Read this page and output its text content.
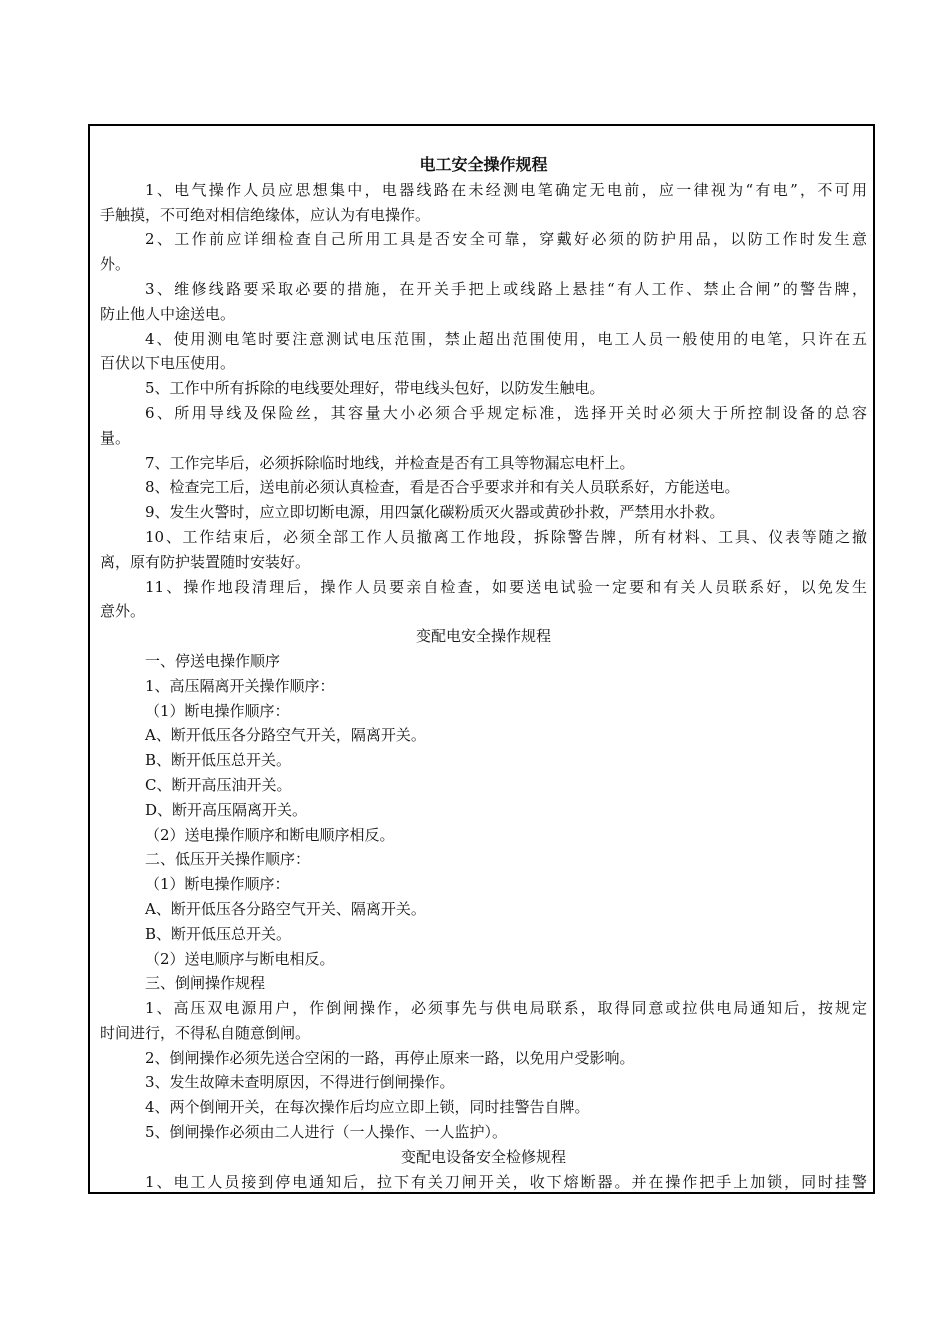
电工安全操作规程
1、电气操作人员应思想集中，电器线路在未经测电笔确定无电前，应一律视为“有电”，不可用
手触摸，不可绝对相信绝缘体，应认为有电操作。
2、工作前应详细检查自己所用工具是否安全可靠，穿戴好必须的防护用品，以防工作时发生意
外。
3、维修线路要采取必要的措施，在开关手把上或线路上悬挂“有人工作、禁止合闸”的警告牌，
防止他人中途送电。
4、使用测电笔时要注意测试电压范围，禁止超出范围使用，电工人员一般使用的电笔，只许在五
百伏以下电压使用。
5、工作中所有拆除的电线要处理好，带电线头包好，以防发生触电。
6、所用导线及保险丝，其容量大小必须合乎规定标准，选择开关时必须大于所控制设备的总容
量。
7、工作完毕后，必须拆除临时地线，并检查是否有工具等物漏忘电杆上。
8、检查完工后，送电前必须认真检查，看是否合乎要求并和有关人员联系好，方能送电。
9、发生火警时，应立即切断电源，用四氯化碳粉质灭火器或黄砂扑救，严禁用水扑救。
10、工作结束后，必须全部工作人员撤离工作地段，拆除警告牌，所有材料、工具、仪表等随之撤
离，原有防护装置随时安装好。
11、操作地段清理后，操作人员要亲自检查，如要送电试验一定要和有关人员联系好，以免发生
意外。
变配电安全操作规程
一、停送电操作顺序
1、高压隔离开关操作顺序：
（1）断电操作顺序：
A、断开低压各分路空气开关，隔离开关。
B、断开低压总开关。
C、断开高压油开关。
D、断开高压隔离开关。
（2）送电操作顺序和断电顺序相反。
二、低压开关操作顺序：
（1）断电操作顺序：
A、断开低压各分路空气开关、隔离开关。
B、断开低压总开关。
（2）送电顺序与断电相反。
三、倒闸操作规程
1、高压双电源用户，作倒闸操作，必须事先与供电局联系，取得同意或拉供电局通知后，按规定
时间进行，不得私自随意倒闸。
2、倒闸操作必须先送合空闲的一路，再停止原来一路，以免用户受影响。
3、发生故障未查明原因，不得进行倒闸操作。
4、两个倒闸开关，在每次操作后均应立即上锁，同时挂警告自牌。
5、倒闸操作必须由二人进行（一人操作、一人监护）。
变配电设备安全检修规程
1、电工人员接到停电通知后，拉下有关刀闸开关，收下熔断器。并在操作把手上加锁，同时挂警
